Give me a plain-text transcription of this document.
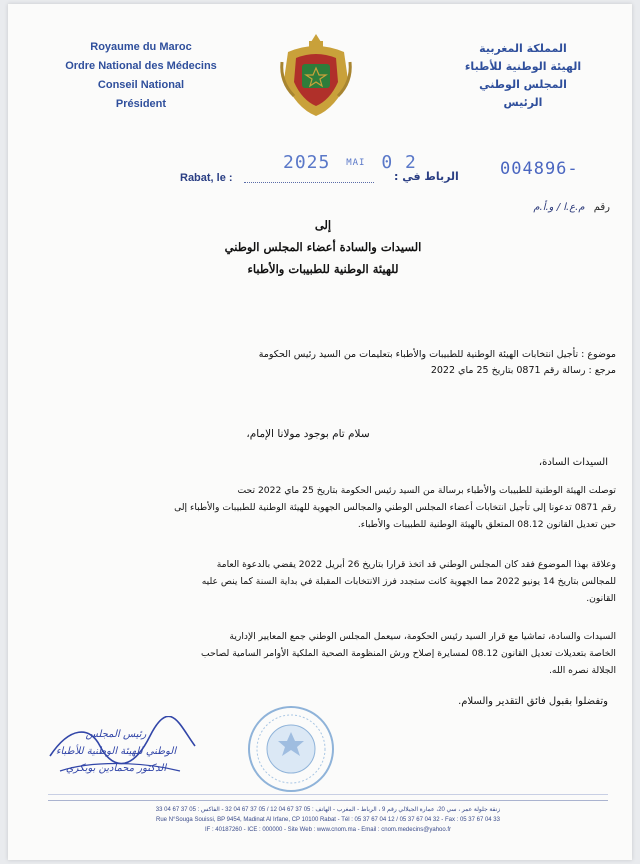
Royaume du Maroc
Ordre National des Médecins
Conseil National
Président
المملكة المغربية
الهيئة الوطنية للأطباء
المجلس الوطني
الرئيس
Rabat, le :	الرباط في :
2025 MAI 0 2	004896-
رقم م.ع.ا / و.أ.م
إلى
السيدات والسادة أعضاء المجلس الوطني
للهيئة الوطنية للطبيبات والأطباء
موضوع : تأجيل انتخابات الهيئة الوطنية للطبيبات والأطباء بتعليمات من السيد رئيس الحكومة
مرجع : رسالة رقم 0871 بتاريخ 25 ماي 2022
سلام تام بوجود مولانا الإمام،
السيدات السادة،
توصلت الهيئة الوطنية للطبيبات والأطباء برسالة من السيد رئيس الحكومة بتاريخ 25 ماي 2022 تحت
رقم 0871 تدعونا إلى تأجيل انتخابات أعضاء المجلس الوطني والمجالس الجهوية للهيئة الوطنية للطبيبات والأطباء إلى
حين تعديل القانون 08.12 المتعلق بالهيئة الوطنية للطبيبات والأطباء.
وعلاقة بهذا الموضوع فقد كان المجلس الوطني قد اتخذ قرارا بتاريخ 26 أبريل 2022 يقضي بالدعوة العامة
للمجالس بتاريخ 14 يونيو 2022 مما الجهوية كانت ستجدد فرز الانتخابات المقبلة في بداية السنة كما ينص عليه
القانون.
السيدات والسادة، تماشيا مع قرار السيد رئيس الحكومة، سيعمل المجلس الوطني جمع المعايير الإدارية
الخاصة بتعديلات تعديل القانون 08.12 لمسايرة إصلاح ورش المنظومة الصحية الملكية الأوامر السامية لصاحب
الجلالة نصره الله.
وتفضلوا بقبول فائق التقدير والسلام.
رئيس المجلس
الوطني للهيئة الوطنية للأطباء
الدكتور محمادين بوبكري
زنقة جلولة عمر ، سي 20، عمارة الجيلالي رقم 9 ، الرباط - المغرب - الهاتف : 05 37 67 04 12 / 05 37 67 04 32 - الفاكس : 05 37 67 04 33
Rue N°Souga Souissi, BP 9454, Madinat Al Irfane, CP 10100 Rabat - Tél : 05 37 67 04 12 / 05 37 67 04 32 - Fax : 05 37 67 04 33
IF : 40187260 - ICE : 000000 - Site Web : www.cnom.ma - Email : cnom.medecins@yahoo.fr
